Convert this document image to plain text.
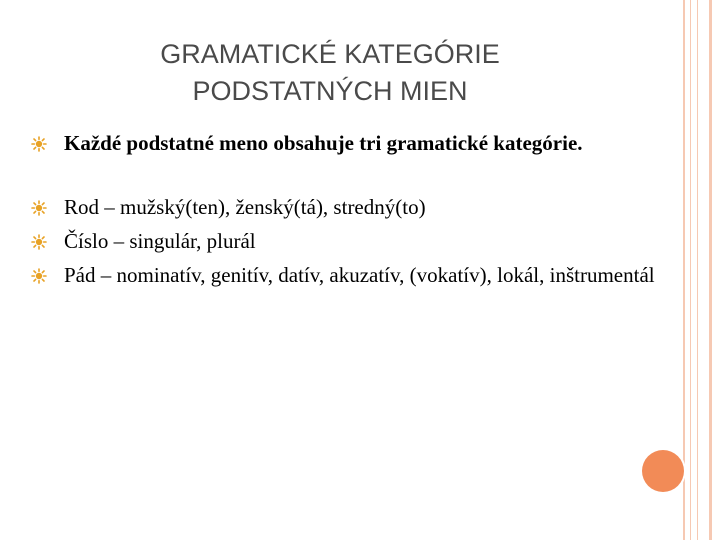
GRAMATICKÉ KATEGÓRIE
PODSTATNÝCH MIEN
Každé podstatné meno obsahuje tri gramatické kategórie.
Rod – mužský(ten), ženský(tá), stredný(to)
Číslo – singulár, plurál
Pád – nominatív, genitív, datív, akuzatív, (vokatív), lokál, inštrumentál
